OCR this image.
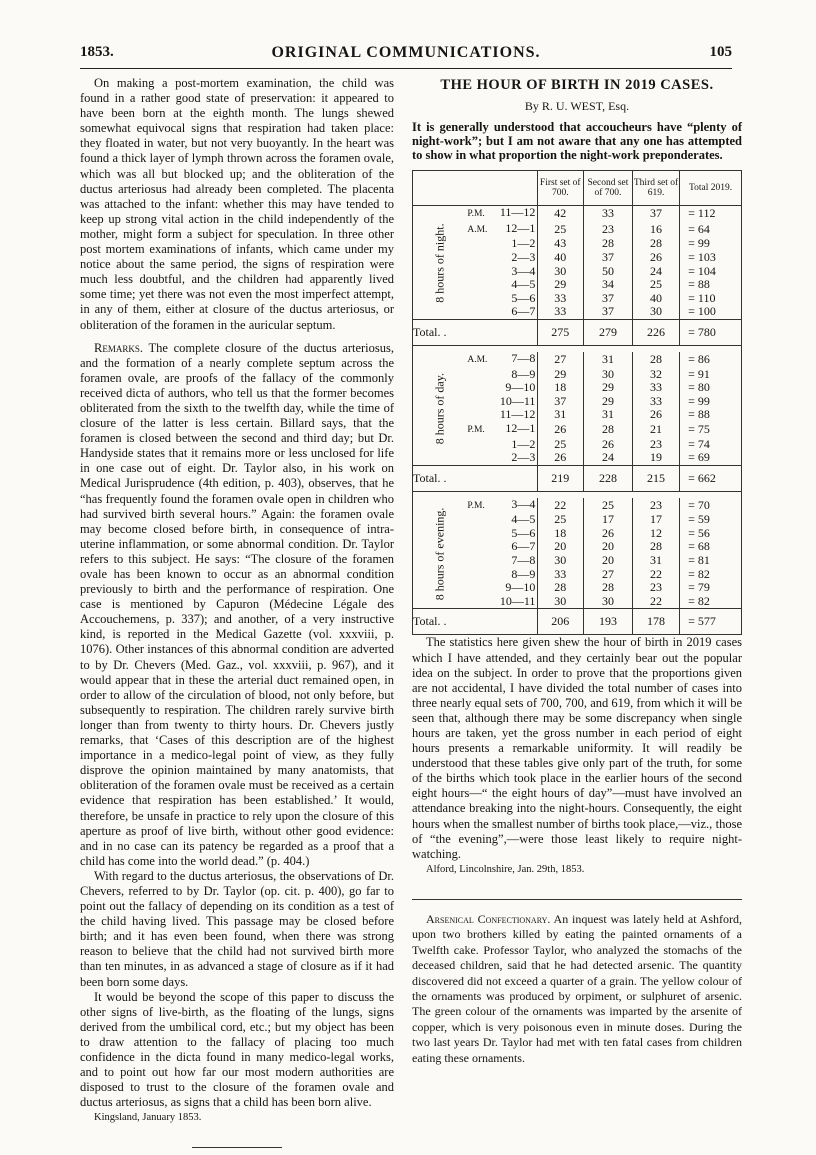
1853.	ORIGINAL COMMUNICATIONS.	105

On making a post-mortem examination, the child was found in a rather good state of preservation: it appeared to have been born at the eighth month. The lungs shewed somewhat equivocal signs that respiration had taken place: they floated in water, but not very buoyantly. In the heart was found a thick layer of lymph thrown across the foramen ovale, which was all but blocked up; and the obliteration of the ductus arteriosus had already been completed. The placenta was attached to the infant: whether this may have tended to keep up strong vital action in the child independently of the mother, might form a subject for speculation. In three other post mortem examinations of infants, which came under my notice about the same period, the signs of respiration were much less doubtful, and the children had apparently lived some time; yet there was not even the most imperfect attempt, in any of them, either at closure of the ductus arteriosus, or obliteration of the foramen in the auricular septum.

Remarks. The complete closure of the ductus arteriosus, and the formation of a nearly complete septum across the foramen ovale, are proofs of the fallacy of the commonly received dicta of authors, who tell us that the former becomes obliterated from the sixth to the twelfth day, while the time of closure of the latter is less certain. Billard says, that the foramen is closed between the second and third day; but Dr. Handyside states that it remains more or less unclosed for life in one case out of eight. Dr. Taylor also, in his work on Medical Jurisprudence (4th edition, p. 403), observes, that he “has frequently found the foramen ovale open in children who had survived birth several hours.” Again: the foramen ovale may become closed before birth, in consequence of intra-uterine inflammation, or some abnormal condition. Dr. Taylor refers to this subject. He says: “The closure of the foramen ovale has been known to occur as an abnormal condition previously to birth and the performance of respiration. One case is mentioned by Capuron (Médecine Légale des Accouchemens, p. 337); and another, of a very instructive kind, is reported in the Medical Gazette (vol. xxxviii, p. 1076). Other instances of this abnormal condition are adverted to by Dr. Chevers (Med. Gaz., vol. xxxviii, p. 967), and it would appear that in these the arterial duct remained open, in order to allow of the circulation of blood, not only before, but subsequently to respiration. The children rarely survive birth longer than from twenty to thirty hours. Dr. Chevers justly remarks, that ‘Cases of this description are of the highest importance in a medico-legal point of view, as they fully disprove the opinion maintained by many anatomists, that obliteration of the foramen ovale must be received as a certain evidence that respiration has been established.’ It would, therefore, be unsafe in practice to rely upon the closure of this aperture as proof of live birth, without other good evidence: and in no case can its patency be regarded as a proof that a child has come into the world dead.” (p. 404.)

With regard to the ductus arteriosus, the observations of Dr. Chevers, referred to by Dr. Taylor (op. cit. p. 400), go far to point out the fallacy of depending on its condition as a test of the child having lived. This passage may be closed before birth; and it has even been found, when there was strong reason to believe that the child had not survived birth more than ten minutes, in as advanced a stage of closure as if it had been born some days.

It would be beyond the scope of this paper to discuss the other signs of live-birth, as the floating of the lungs, signs derived from the umbilical cord, etc.; but my object has been to draw attention to the fallacy of placing too much confidence in the dicta found in many medico-legal works, and to point out how far our most modern authorities are disposed to trust to the closure of the foramen ovale and ductus arteriosus, as signs that a child has been born alive.

Kingsland, January 1853.

THE HOUR OF BIRTH IN 2019 CASES.
By R. U. WEST, Esq.

It is generally understood that accoucheurs have “plenty of night-work”; but I am not aware that any one has attempted to show in what proportion the night-work preponderates.

		First set of 700.	Second set of 700.	Third set of 619.	Total 2019.
8 hours of night.	P.M. 11—12	42	33	37	= 112
	A.M. 12—1	25	23	16	= 64
	1—2	43	28	28	= 99
	2—3	40	37	26	= 103
	3—4	30	50	24	= 104
	4—5	29	34	25	= 88
	5—6	33	37	40	= 110
	6—7	33	37	30	= 100
Total. .		275	279	226	= 780

8 hours of day.	A.M. 7—8	27	31	28	= 86
	8—9	29	30	32	= 91
	9—10	18	29	33	= 80
	10—11	37	29	33	= 99
	11—12	31	31	26	= 88
	P.M. 12—1	26	28	21	= 75
	1—2	25	26	23	= 74
	2—3	26	24	19	= 69
Total. .		219	228	215	= 662

8 hours of evening.	P.M. 3—4	22	25	23	= 70
	4—5	25	17	17	= 59
	5—6	18	26	12	= 56
	6—7	20	20	28	= 68
	7—8	30	20	31	= 81
	8—9	33	27	22	= 82
	9—10	28	28	23	= 79
	10—11	30	30	22	= 82
Total. .		206	193	178	= 577

The statistics here given shew the hour of birth in 2019 cases which I have attended, and they certainly bear out the popular idea on the subject. In order to prove that the proportions given are not accidental, I have divided the total number of cases into three nearly equal sets of 700, 700, and 619, from which it will be seen that, although there may be some discrepancy when single hours are taken, yet the gross number in each period of eight hours presents a remarkable uniformity. It will readily be understood that these tables give only part of the truth, for some of the births which took place in the earlier hours of the second eight hours—“ the eight hours of day”—must have involved an attendance breaking into the night-hours. Consequently, the eight hours when the smallest number of births took place,—viz., those of “the evening”,—were those least likely to require night-watching.

Alford, Lincolnshire, Jan. 29th, 1853.

Arsenical Confectionary. An inquest was lately held at Ashford, upon two brothers killed by eating the painted ornaments of a Twelfth cake. Professor Taylor, who analyzed the stomachs of the deceased children, said that he had detected arsenic. The quantity discovered did not exceed a quarter of a grain. The yellow colour of the ornaments was produced by orpiment, or sulphuret of arsenic. The green colour of the ornaments was imparted by the arsenite of copper, which is very poisonous even in minute doses. During the two last years Dr. Taylor had met with ten fatal cases from children eating these ornaments.
